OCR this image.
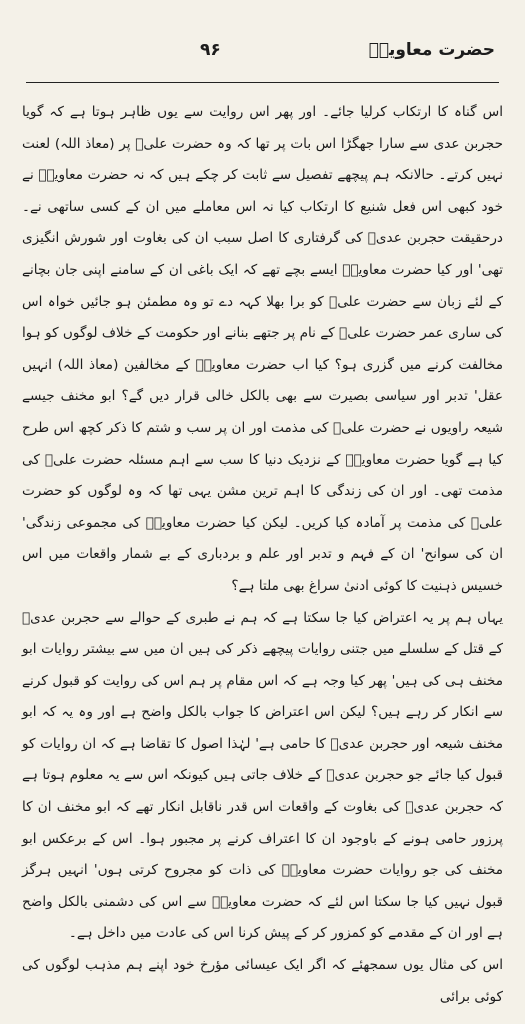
حضرت معاویہؓ
۹۶

اس گناہ کا ارتکاب کرلیا جائے۔ اور پھر اس روایت سے یوں ظاہر ہوتا ہے کہ گویا حجربن عدی سے سارا جھگڑا اس بات پر تھا کہ وہ حضرت علیؓ پر (معاذ اللہ) لعنت نہیں کرتے۔ حالانکہ ہم پیچھے تفصیل سے ثابت کر چکے ہیں کہ نہ حضرت معاویہؓ نے خود کبھی اس فعل شنیع کا ارتکاب کیا نہ اس معاملے میں ان کے کسی ساتھی نے۔ درحقیقت حجربن عدیؓ کی گرفتاری کا اصل سبب ان کی بغاوت اور شورش انگیزی تھی' اور کیا حضرت معاویہؓ ایسے بچے تھے کہ ایک باغی ان کے سامنے اپنی جان بچانے کے لئے زبان سے حضرت علیؓ کو برا بھلا کہہ دے تو وہ مطمئن ہو جائیں خواہ اس کی ساری عمر حضرت علیؓ کے نام پر جتھے بنانے اور حکومت کے خلاف لوگوں کو ہوا مخالفت کرنے میں گزری ہو؟ کیا اب حضرت معاویہؓ کے مخالفین (معاذ اللہ) انہیں عقل' تدبر اور سیاسی بصیرت سے بھی بالکل خالی قرار دیں گے؟ ابو مخنف جیسے شیعہ راویوں نے حضرت علیؓ کی مذمت اور ان پر سب و شتم کا ذکر کچھ اس طرح کیا ہے گویا حضرت معاویہؓ کے نزدیک دنیا کا سب سے اہم مسئلہ حضرت علیؓ کی مذمت تھی۔ اور ان کی زندگی کا اہم ترین مشن یہی تھا کہ وہ لوگوں کو حضرت علیؓ کی مذمت پر آمادہ کیا کریں۔ لیکن کیا حضرت معاویہؓ کی مجموعی زندگی' ان کی سوانح' ان کے فہم و تدبر اور علم و بردباری کے بے شمار واقعات میں اس خسیس ذہنیت کا کوئی ادنیٰ سراغ بھی ملتا ہے؟

یہاں ہم پر یہ اعتراض کیا جا سکتا ہے کہ ہم نے طبری کے حوالے سے حجربن عدیؓ کے قتل کے سلسلے میں جتنی روایات پیچھے ذکر کی ہیں ان میں سے بیشتر روایات ابو مخنف ہی کی ہیں' پھر کیا وجہ ہے کہ اس مقام پر ہم اس کی روایت کو قبول کرنے سے انکار کر رہے ہیں؟ لیکن اس اعتراض کا جواب بالکل واضح ہے اور وہ یہ کہ ابو مخنف شیعہ اور حجربن عدیؓ کا حامی ہے' لہٰذا اصول کا تقاضا ہے کہ ان روایات کو قبول کیا جائے جو حجربن عدیؓ کے خلاف جاتی ہیں کیونکہ اس سے یہ معلوم ہوتا ہے کہ حجربن عدیؓ کی بغاوت کے واقعات اس قدر ناقابل انکار تھے کہ ابو مخنف ان کا پرزور حامی ہونے کے باوجود ان کا اعتراف کرنے پر مجبور ہوا۔ اس کے برعکس ابو مخنف کی جو روایات حضرت معاویہؓ کی ذات کو مجروح کرتی ہوں' انہیں ہرگز قبول نہیں کیا جا سکتا اس لئے کہ حضرت معاویہؓ سے اس کی دشمنی بالکل واضح ہے اور ان کے مقدمے کو کمزور کر کے پیش کرنا اس کی عادت میں داخل ہے۔

اس کی مثال یوں سمجھئے کہ اگر ایک عیسائی مؤرخ خود اپنے ہم مذہب لوگوں کی کوئی برائی
